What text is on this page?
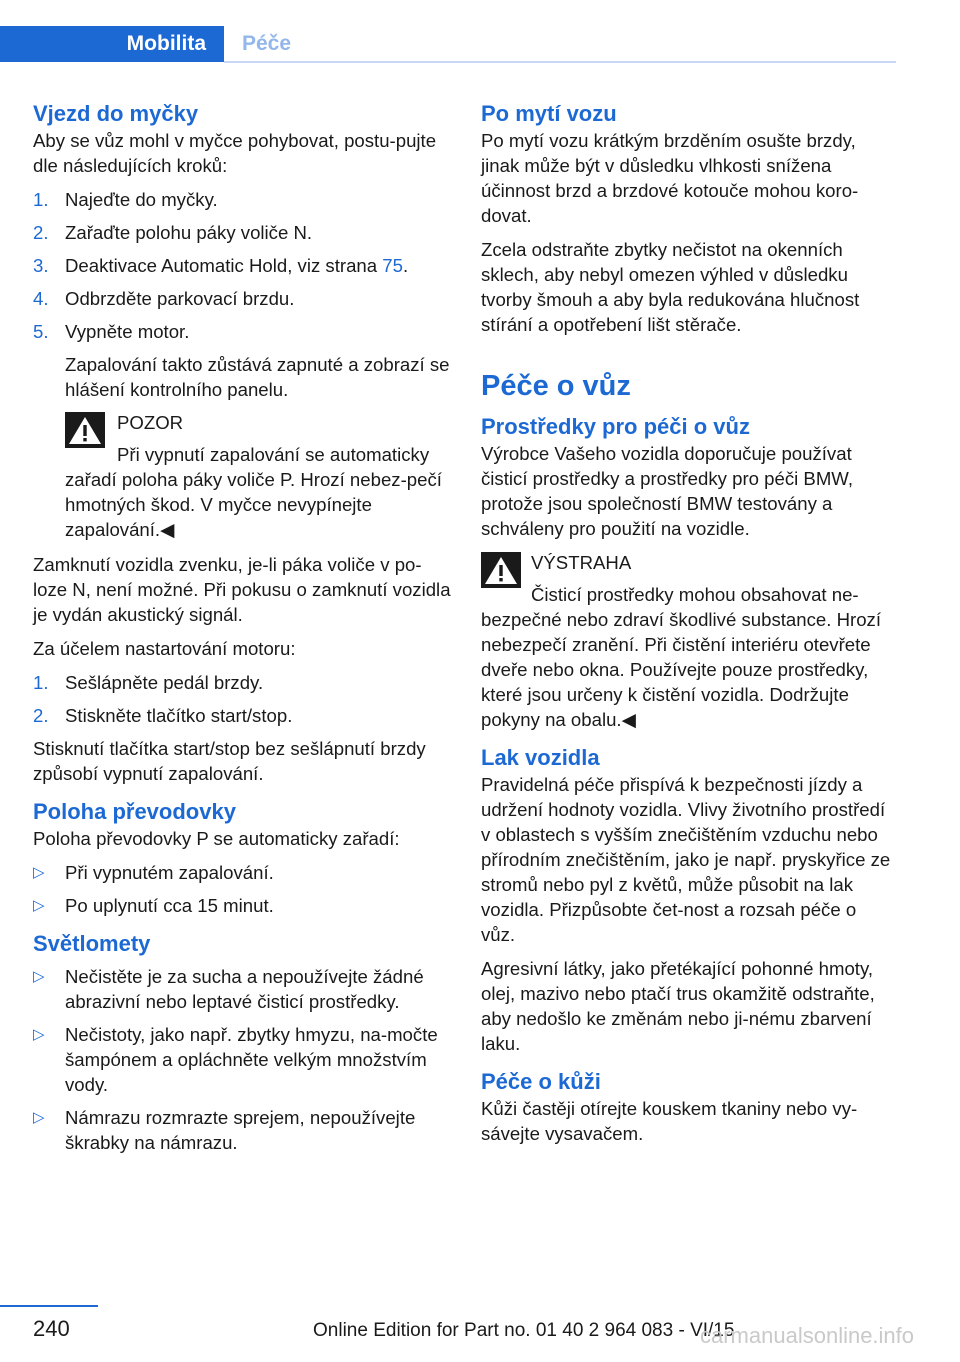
Mobilita	Péče
Vjezd do myčky

Aby se vůz mohl v myčce pohybovat, postu-pujte dle následujících kroků:

1. Najeďte do myčky.
2. Zařaďte polohu páky voliče N.
3. Deaktivace Automatic Hold, viz strana 75.
4. Odbrzděte parkovací brzdu.
5. Vypněte motor.
Zapalování takto zůstává zapnuté a zobrazí se hlášení kontrolního panelu.
POZOR
Při vypnutí zapalování se automaticky
zařadí poloha páky voliče P. Hrozí nebez-pečí hmotných škod. V myčce nevypínejte zapalování.◀

Zamknutí vozidla zvenku, je-li páka voliče v po-loze N, není možné. Při pokusu o zamknutí vozidla je vydán akustický signál.

Za účelem nastartování motoru:

1. Sešlápněte pedál brzdy.
2. Stiskněte tlačítko start/stop.

Stisknutí tlačítka start/stop bez sešlápnutí brzdy způsobí vypnutí zapalování.

Poloha převodovky

Poloha převodovky P se automaticky zařadí:

▷	Při vypnutém zapalování.
▷	Po uplynutí cca 15 minut.
Světlomety
▷	Nečistěte je za sucha a nepoužívejte žádné abrazivní nebo leptavé čisticí prostředky.
▷	Nečistoty, jako např. zbytky hmyzu, na-močte šampónem a opláchněte velkým množstvím vody.
▷	Námrazu rozmrazte sprejem, nepoužívejte škrabky na námrazu.
Po mytí vozu

Po mytí vozu krátkým brzděním osušte brzdy, jinak může být v důsledku vlhkosti snížena účinnost brzd a brzdové kotouče mohou koro-dovat.

Zcela odstraňte zbytky nečistot na okenních sklech, aby nebyl omezen výhled v důsledku tvorby šmouh a aby byla redukována hlučnost stírání a opotřebení lišt stěrače.

Péče o vůz
Prostředky pro péči o vůz

Výrobce Vašeho vozidla doporučuje používat čisticí prostředky a prostředky pro péči BMW, protože jsou společností BMW testovány a schváleny pro použití na vozidle.

VÝSTRAHA
Čisticí prostředky mohou obsahovat ne-
bezpečné nebo zdraví škodlivé substance. Hrozí nebezpečí zranění. Při čistění interiéru otevřete dveře nebo okna. Používejte pouze prostředky, které jsou určeny k čistění vozidla. Dodržujte pokyny na obalu.◀
Lak vozidla

Pravidelná péče přispívá k bezpečnosti jízdy a udržení hodnoty vozidla. Vlivy životního prostředí v oblastech s vyšším znečištěním vzduchu nebo přírodním znečištěním, jako je např. pryskyřice ze stromů nebo pyl z květů, může působit na lak vozidla. Přizpůsobte čet-nost a rozsah péče o vůz.

Agresivní látky, jako přetékající pohonné hmoty, olej, mazivo nebo ptačí trus okamžitě odstraňte, aby nedošlo ke změnám nebo ji-nému zbarvení laku.

Péče o kůži

Kůži častěji otírejte kouskem tkaniny nebo vy-sávejte vysavačem.

240	Online Edition for Part no. 01 40 2 964 083 - VI/15
carmanualsonline.info
